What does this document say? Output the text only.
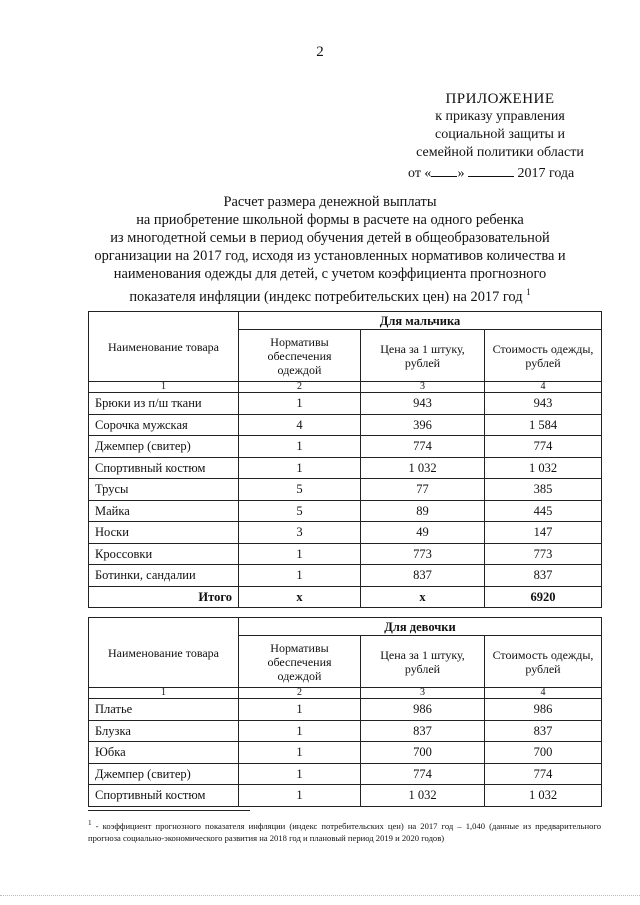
2
ПРИЛОЖЕНИЕ
к приказу управления
социальной защиты и
семейной политики области
от « »	2017 года
Расчет размера денежной выплаты
на приобретение школьной формы в расчете на одного ребенка
из многодетной семьи в период обучения детей в общеобразовательной
организации на 2017 год, исходя из установленных нормативов количества и
наименования одежды для детей, с учетом коэффициента прогнозного
показателя инфляции (индекс потребительских цен) на 2017 год $^1$
Наименование товара	Для мальчика		
	Нормативы обеспечения одеждой	Цена за 1 штуку, рублей	Стоимость одежды, рублей
1	2	3	4
Брюки из п/ш ткани	1	943	943
Сорочка мужская	4	396	1 584
Джемпер (свитер)	1	774	774
Спортивный костюм	1	1 032	1 032
Трусы	5	77	385
Майка	5	89	445
Носки	3	49	147
Кроссовки	1	773	773
Ботинки, сандалии	1	837	837
Итого	х	х	6920
Наименование товара	Для девочки		
	Нормативы обеспечения одеждой	Цена за 1 штуку, рублей	Стоимость одежды, рублей
1	2	3	4
Платье	1	986	986
Блузка	1	837	837
Юбка	1	700	700
Джемпер (свитер)	1	774	774
Спортивный костюм	1	1 032	1 032
$^1$ - коэффициент прогнозного показателя инфляции (индекс потребительских цен) на 2017 год – 1,040 (данные из предварительного прогноза социально-экономического развития на 2018 год и плановый период 2019 и 2020 годов)
